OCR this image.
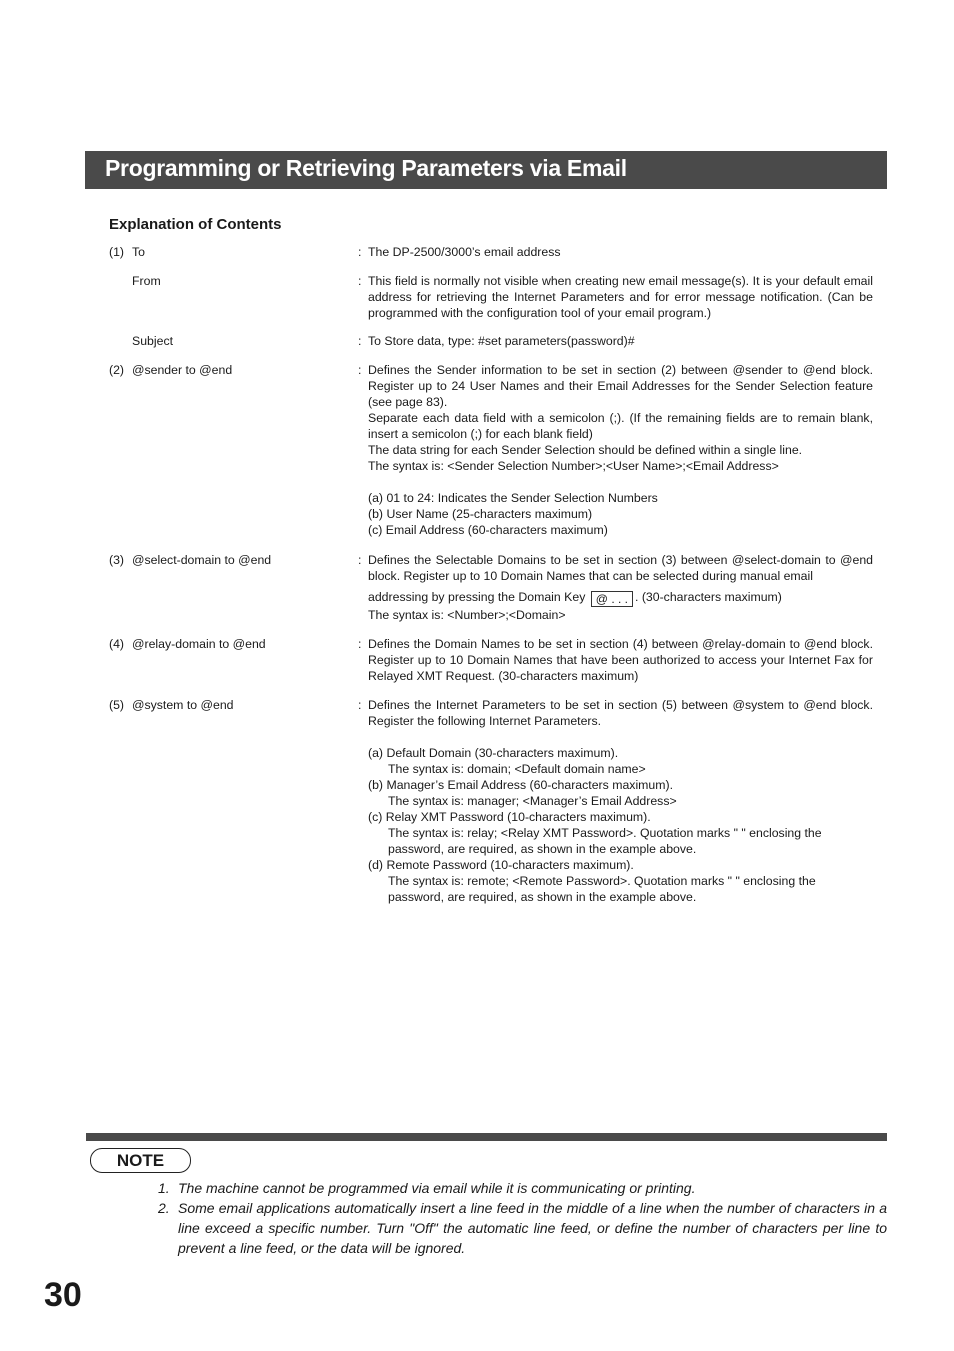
Programming or Retrieving Parameters via Email
Explanation of Contents
(1) To	: The DP-2500/3000’s email address

From	: This field is normally not visible when creating new email message(s). It is your default email address for retrieving the Internet Parameters and for error message notification. (Can be programmed with the configuration tool of your email program.)

Subject	: To Store data, type: #set parameters(password)#

(2) @sender to @end	: Defines the Sender information to be set in section (2) between @sender to @end block. Register up to 24 User Names and their Email Addresses for the Sender Selection feature (see page 83).

Separate each data field with a semicolon (;). (If the remaining fields are to remain blank, insert a semicolon (;) for each blank field)

The data string for each Sender Selection should be defined within a single line.

The syntax is: <Sender Selection Number>;<User Name>;<Email Address>

(a) 01 to 24: Indicates the Sender Selection Numbers

(b) User Name (25-characters maximum)

(c) Email Address (60-characters maximum)

(3) @select-domain to @end	: Defines the Selectable Domains to be set in section (3) between @select-domain to @end block. Register up to 10 Domain Names that can be selected during manual email

addressing by pressing the Domain Key @ . . . . (30-characters maximum)

The syntax is: <Number>;<Domain>

(4) @relay-domain to @end	: Defines the Domain Names to be set in section (4) between @relay-domain to @end block. Register up to 10 Domain Names that have been authorized to access your Internet Fax for Relayed XMT Request. (30-characters maximum)

(5) @system to @end	: Defines the Internet Parameters to be set in section (5) between @system to @end block. Register the following Internet Parameters.

(a) Default Domain (30-characters maximum).

The syntax is: domain; <Default domain name>

(b) Manager’s Email Address (60-characters maximum).

The syntax is: manager; <Manager’s Email Address>

(c) Relay XMT Password (10-characters maximum).

The syntax is: relay; <Relay XMT Password>. Quotation marks " " enclosing the password, are required, as shown in the example above.

(d) Remote Password (10-characters maximum).

The syntax is: remote; <Remote Password>. Quotation marks " " enclosing the password, are required, as shown in the example above.

NOTE
1. The machine cannot be programmed via email while it is communicating or printing.
2. Some email applications automatically insert a line feed in the middle of a line when the number of characters in a line exceed a specific number. Turn "Off" the automatic line feed, or define the number of characters per line to prevent a line feed, or the data will be ignored.
30
